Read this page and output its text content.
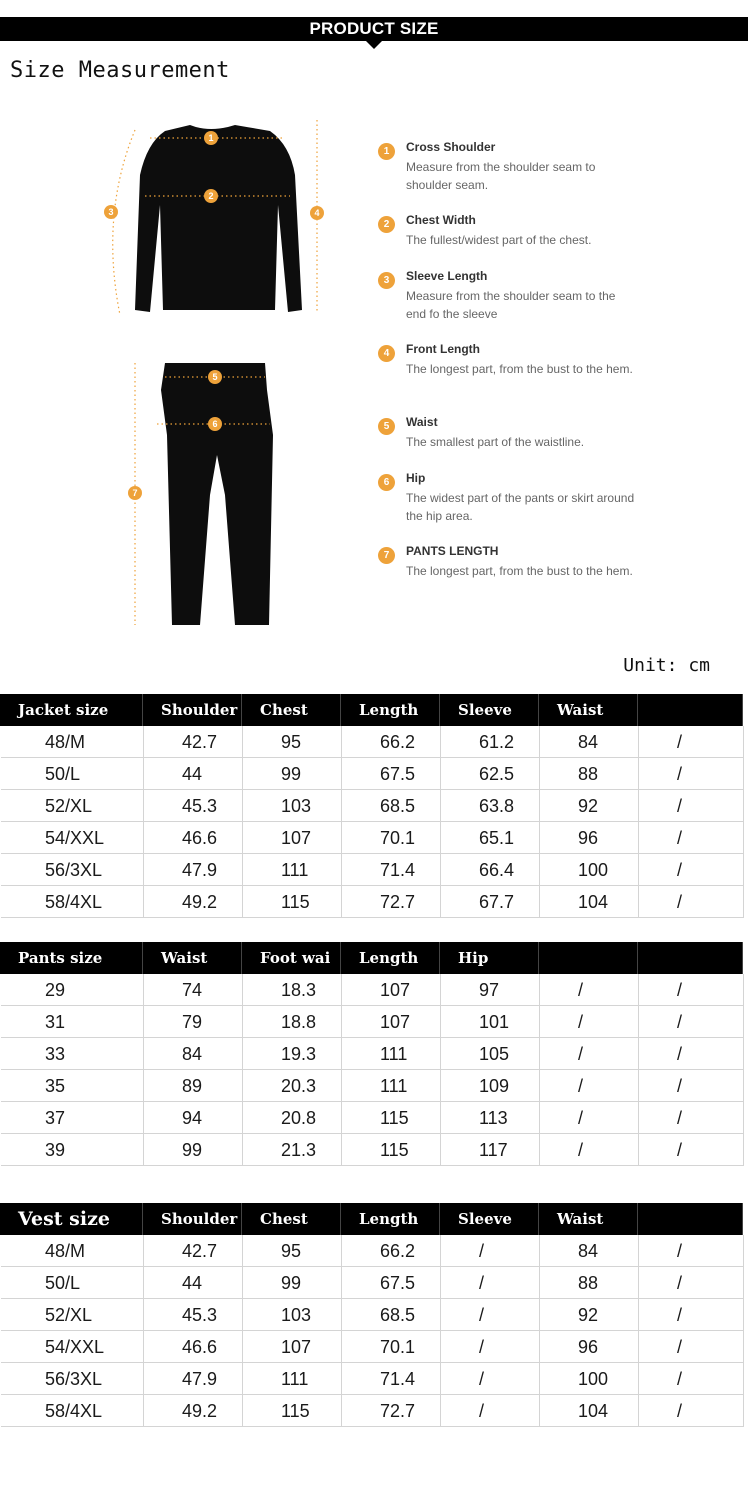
PRODUCT SIZE
Size Measurement
1
2
3	4
5
6
7
1	Cross Shoulder
Measure from the shoulder seam to shoulder seam.
2	Chest Width
The fullest/widest part of the chest.
3	Sleeve Length
Measure from the shoulder seam to the end fo the sleeve
4	Front Length
The longest part, from the bust to the hem.
5	Waist
The smallest part of the waistline.
6	Hip
The widest part of the pants or skirt around the hip area.
7	PANTS LENGTH
The longest part, from the bust to the hem.
Unit: cm
Jacket size	Shoulder	Chest	Length	Sleeve	Waist
48/M	42.7	95	66.2	61.2	84	/
50/L	44	99	67.5	62.5	88	/
52/XL	45.3	103	68.5	63.8	92	/
54/XXL	46.6	107	70.1	65.1	96	/
56/3XL	47.9	111	71.4	66.4	100	/
58/4XL	49.2	115	72.7	67.7	104	/
Pants size	Waist	Foot wai	Length	Hip
29	74	18.3	107	97	/	/
31	79	18.8	107	101	/	/
33	84	19.3	111	105	/	/
35	89	20.3	111	109	/	/
37	94	20.8	115	113	/	/
39	99	21.3	115	117	/	/
Vest size	Shoulder	Chest	Length	Sleeve	Waist
48/M	42.7	95	66.2	/	84	/
50/L	44	99	67.5	/	88	/
52/XL	45.3	103	68.5	/	92	/
54/XXL	46.6	107	70.1	/	96	/
56/3XL	47.9	111	71.4	/	100	/
58/4XL	49.2	115	72.7	/	104	/
